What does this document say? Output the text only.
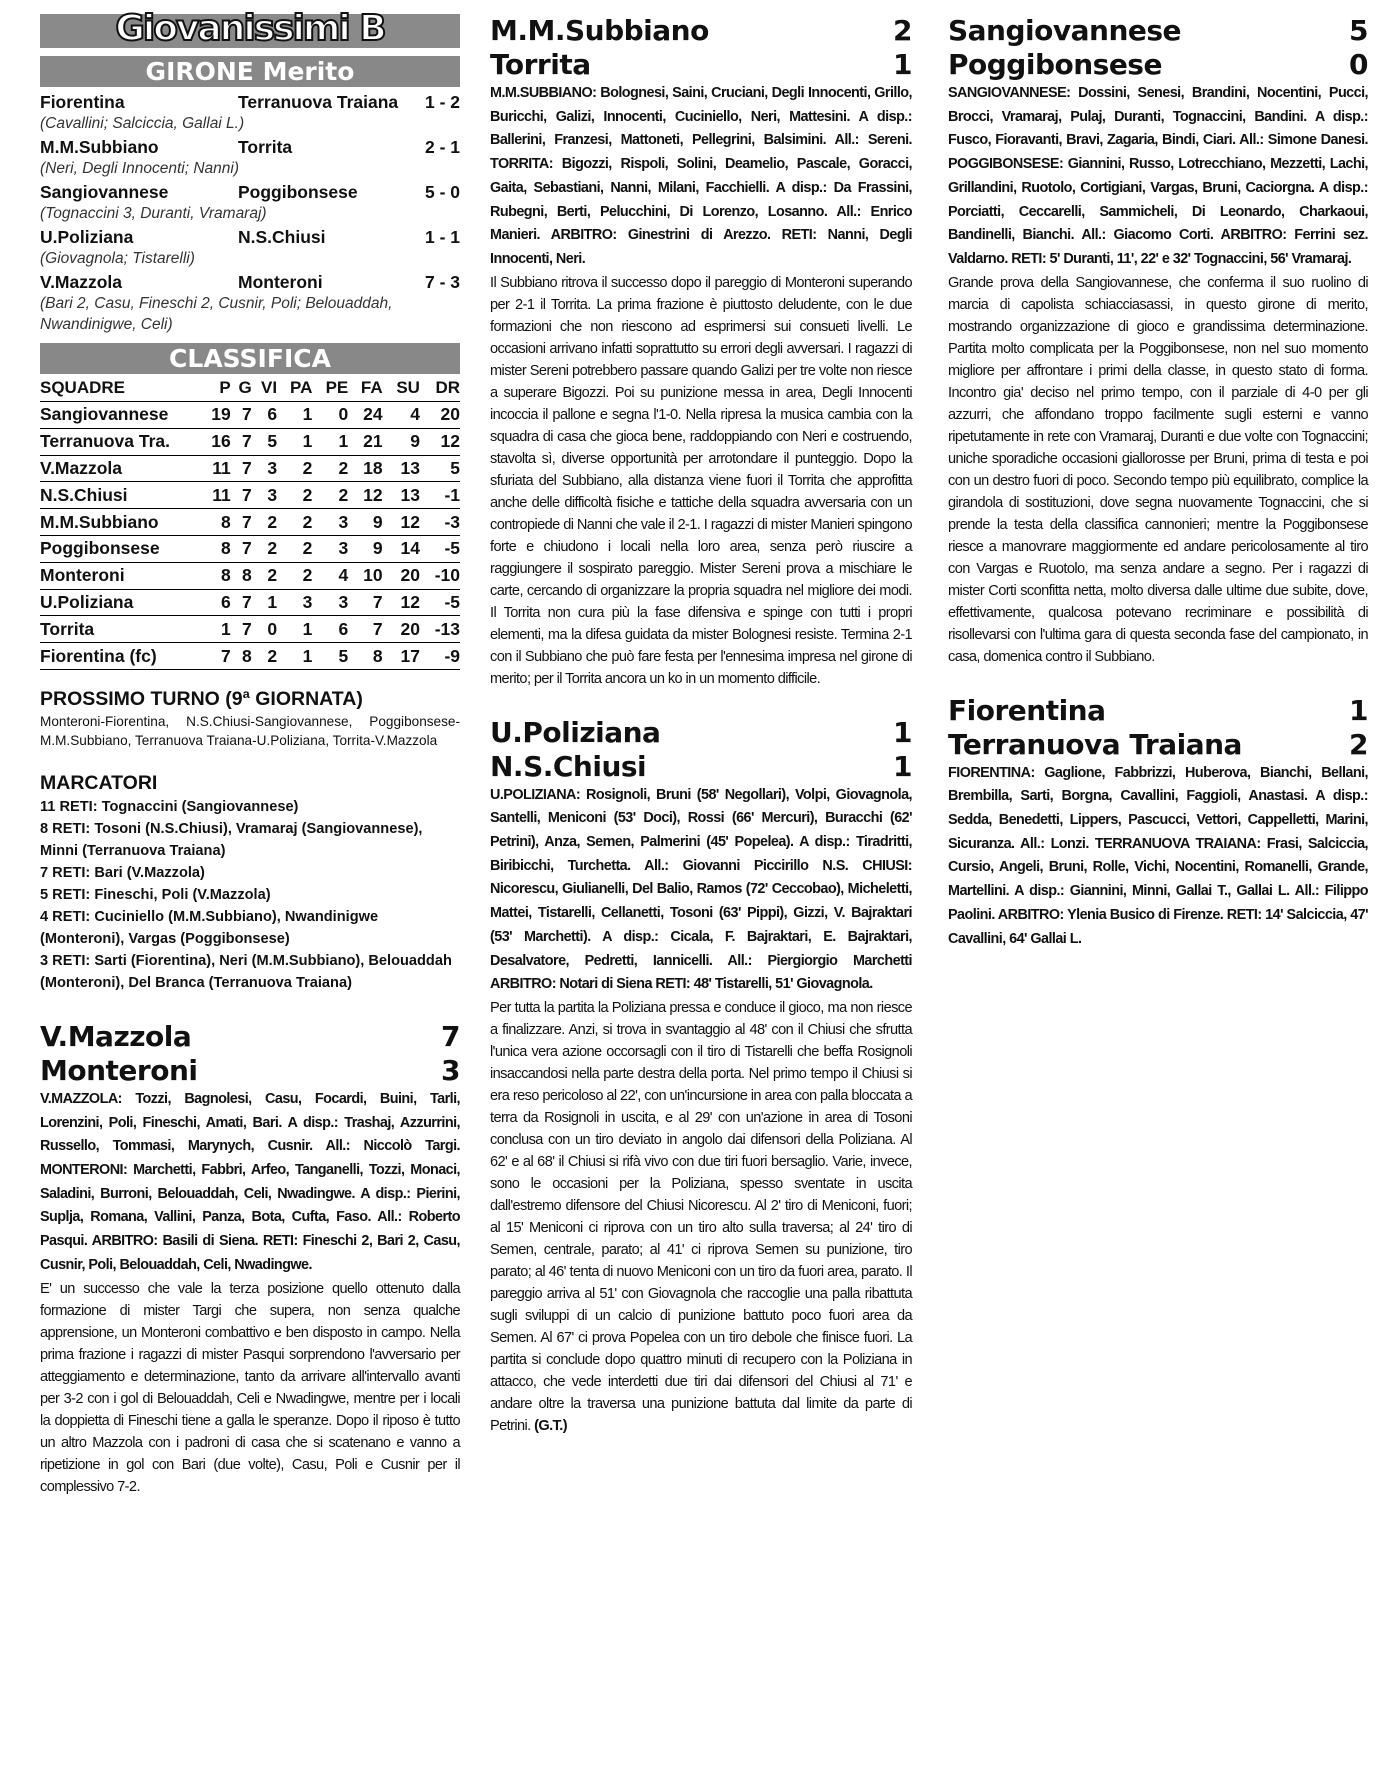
Giovanissimi B
GIRONE Merito
Fiorentina	Terranuova Traiana	1 - 2
(Cavallini; Salciccia, Gallai L.)
M.M.Subbiano	Torrita	2 - 1
(Neri, Degli Innocenti; Nanni)
Sangiovannese	Poggibonsese	5 - 0
(Tognaccini 3, Duranti, Vramaraj)
U.Poliziana	N.S.Chiusi	1 - 1
(Giovagnola; Tistarelli)
V.Mazzola	Monteroni	7 - 3
(Bari 2, Casu, Fineschi 2, Cusnir, Poli; Belouaddah, Nwandinigwe, Celi)
CLASSIFICA
SQUADRE	P	G	VI	PA	PE	FA	SU	DR
Sangiovannese	19	7	6	1	0	24	4	20
Terranuova Tra.	16	7	5	1	1	21	9	12
V.Mazzola	11	7	3	2	2	18	13	5
N.S.Chiusi	11	7	3	2	2	12	13	-1
M.M.Subbiano	8	7	2	2	3	9	12	-3
Poggibonsese	8	7	2	2	3	9	14	-5
Monteroni	8	8	2	2	4	10	20	-10
U.Poliziana	6	7	1	3	3	7	12	-5
Torrita	1	7	0	1	6	7	20	-13
Fiorentina (fc)	7	8	2	1	5	8	17	-9
PROSSIMO TURNO (9ª GIORNATA)
Monteroni-Fiorentina, N.S.Chiusi-Sangiovannese, Poggibonsese-M.M.Subbiano, Terranuova Traiana-U.Poliziana, Torrita-V.Mazzola
MARCATORI
11 RETI: Tognaccini (Sangiovannese)
8 RETI: Tosoni (N.S.Chiusi), Vramaraj (Sangiovannese), Minni (Terranuova Traiana)
7 RETI: Bari (V.Mazzola)
5 RETI: Fineschi, Poli (V.Mazzola)
4 RETI: Cuciniello (M.M.Subbiano), Nwandinigwe (Monteroni), Vargas (Poggibonsese)
3 RETI: Sarti (Fiorentina), Neri (M.M.Subbiano), Belouaddah (Monteroni), Del Branca (Terranuova Traiana)
V.Mazzola	7
Monteroni	3
V.MAZZOLA: Tozzi, Bagnolesi, Casu, Focardi, Buini, Tarli, Lorenzini, Poli, Fineschi, Amati, Bari. A disp.: Trashaj, Azzurrini, Russello, Tommasi, Marynych, Cusnir. All.: Niccolò Targi. MONTERONI: Marchetti, Fabbri, Arfeo, Tanganelli, Tozzi, Monaci, Saladini, Burroni, Belouaddah, Celi, Nwadingwe. A disp.: Pierini, Suplja, Romana, Vallini, Panza, Bota, Cufta, Faso. All.: Roberto Pasqui. ARBITRO: Basili di Siena. RETI: Fineschi 2, Bari 2, Casu, Cusnir, Poli, Belouaddah, Celi, Nwadingwe.
E' un successo che vale la terza posizione quello ottenuto dalla formazione di mister Targi che supera, non senza qualche apprensione, un Monteroni combattivo e ben disposto in campo. Nella prima frazione i ragazzi di mister Pasqui sorprendono l'avversario per atteggiamento e determinazione, tanto da arrivare all'intervallo avanti per 3-2 con i gol di Belouaddah, Celi e Nwadingwe, mentre per i locali la doppietta di Fineschi tiene a galla le speranze. Dopo il riposo è tutto un altro Mazzola con i padroni di casa che si scatenano e vanno a ripetizione in gol con Bari (due volte), Casu, Poli e Cusnir per il complessivo 7-2.
M.M.Subbiano	2
Torrita	1
M.M.SUBBIANO: Bolognesi, Saini, Cruciani, Degli Innocenti, Grillo, Buricchi, Galizi, Innocenti, Cuciniello, Neri, Mattesini. A disp.: Ballerini, Franzesi, Mattoneti, Pellegrini, Balsimini. All.: Sereni. TORRITA: Bigozzi, Rispoli, Solini, Deamelio, Pascale, Goracci, Gaita, Sebastiani, Nanni, Milani, Facchielli. A disp.: Da Frassini, Rubegni, Berti, Pelucchini, Di Lorenzo, Losanno. All.: Enrico Manieri. ARBITRO: Ginestrini di Arezzo. RETI: Nanni, Degli Innocenti, Neri.
Il Subbiano ritrova il successo dopo il pareggio di Monteroni superando per 2-1 il Torrita. La prima frazione è piuttosto deludente, con le due formazioni che non riescono ad esprimersi sui consueti livelli. Le occasioni arrivano infatti soprattutto su errori degli avversari. I ragazzi di mister Sereni potrebbero passare quando Galizi per tre volte non riesce a superare Bigozzi. Poi su punizione messa in area, Degli Innocenti incoccia il pallone e segna l'1-0. Nella ripresa la musica cambia con la squadra di casa che gioca bene, raddoppiando con Neri e costruendo, stavolta sì, diverse opportunità per arrotondare il punteggio. Dopo la sfuriata del Subbiano, alla distanza viene fuori il Torrita che approfitta anche delle difficoltà fisiche e tattiche della squadra avversaria con un contropiede di Nanni che vale il 2-1. I ragazzi di mister Manieri spingono forte e chiudono i locali nella loro area, senza però riuscire a raggiungere il sospirato pareggio. Mister Sereni prova a mischiare le carte, cercando di organizzare la propria squadra nel migliore dei modi. Il Torrita non cura più la fase difensiva e spinge con tutti i propri elementi, ma la difesa guidata da mister Bolognesi resiste. Termina 2-1 con il Subbiano che può fare festa per l'ennesima impresa nel girone di merito; per il Torrita ancora un ko in un momento difficile.
U.Poliziana	1
N.S.Chiusi	1
U.POLIZIANA: Rosignoli, Bruni (58' Negollari), Volpi, Giovagnola, Santelli, Meniconi (53' Doci), Rossi (66' Mercuri), Buracchi (62' Petrini), Anza, Semen, Palmerini (45' Popelea). A disp.: Tiradritti, Biribicchi, Turchetta. All.: Giovanni Piccirillo N.S. CHIUSI: Nicorescu, Giulianelli, Del Balio, Ramos (72' Ceccobao), Micheletti, Mattei, Tistarelli, Cellanetti, Tosoni (63' Pippi), Gizzi, V. Bajraktari (53' Marchetti). A disp.: Cicala, F. Bajraktari, E. Bajraktari, Desalvatore, Pedretti, Iannicelli. All.: Piergiorgio Marchetti ARBITRO: Notari di Siena RETI: 48' Tistarelli, 51' Giovagnola.
Per tutta la partita la Poliziana pressa e conduce il gioco, ma non riesce a finalizzare. Anzi, si trova in svantaggio al 48' con il Chiusi che sfrutta l'unica vera azione occorsagli con il tiro di Tistarelli che beffa Rosignoli insaccandosi nella parte destra della porta. Nel primo tempo il Chiusi si era reso pericoloso al 22', con un'incursione in area con palla bloccata a terra da Rosignoli in uscita, e al 29' con un'azione in area di Tosoni conclusa con un tiro deviato in angolo dai difensori della Poliziana. Al 62' e al 68' il Chiusi si rifà vivo con due tiri fuori bersaglio. Varie, invece, sono le occasioni per la Poliziana, spesso sventate in uscita dall'estremo difensore del Chiusi Nicorescu. Al 2' tiro di Meniconi, fuori; al 15' Meniconi ci riprova con un tiro alto sulla traversa; al 24' tiro di Semen, centrale, parato; al 41' ci riprova Semen su punizione, tiro parato; al 46' tenta di nuovo Meniconi con un tiro da fuori area, parato. Il pareggio arriva al 51' con Giovagnola che raccoglie una palla ribattuta sugli sviluppi di un calcio di punizione battuto poco fuori area da Semen. Al 67' ci prova Popelea con un tiro debole che finisce fuori. La partita si conclude dopo quattro minuti di recupero con la Poliziana in attacco, che vede interdetti due tiri dai difensori del Chiusi al 71' e andare oltre la traversa una punizione battuta dal limite da parte di Petrini. (G.T.)
Sangiovannese	5
Poggibonsese	0
SANGIOVANNESE: Dossini, Senesi, Brandini, Nocentini, Pucci, Brocci, Vramaraj, Pulaj, Duranti, Tognaccini, Bandini. A disp.: Fusco, Fioravanti, Bravi, Zagaria, Bindi, Ciari. All.: Simone Danesi. POGGIBONSESE: Giannini, Russo, Lotrecchiano, Mezzetti, Lachi, Grillandini, Ruotolo, Cortigiani, Vargas, Bruni, Caciorgna. A disp.: Porciatti, Ceccarelli, Sammicheli, Di Leonardo, Charkaoui, Bandinelli, Bianchi. All.: Giacomo Corti. ARBITRO: Ferrini sez. Valdarno. RETI: 5' Duranti, 11', 22' e 32' Tognaccini, 56' Vramaraj.
Grande prova della Sangiovannese, che conferma il suo ruolino di marcia di capolista schiacciasassi, in questo girone di merito, mostrando organizzazione di gioco e grandissima determinazione. Partita molto complicata per la Poggibonsese, non nel suo momento migliore per affrontare i primi della classe, in questo stato di forma. Incontro gia' deciso nel primo tempo, con il parziale di 4-0 per gli azzurri, che affondano troppo facilmente sugli esterni e vanno ripetutamente in rete con Vramaraj, Duranti e due volte con Tognaccini; uniche sporadiche occasioni giallorosse per Bruni, prima di testa e poi con un destro fuori di poco. Secondo tempo più equilibrato, complice la girandola di sostituzioni, dove segna nuovamente Tognaccini, che si prende la testa della classifica cannonieri; mentre la Poggibonsese riesce a manovrare maggiormente ed andare pericolosamente al tiro con Vargas e Ruotolo, ma senza andare a segno. Per i ragazzi di mister Corti sconfitta netta, molto diversa dalle ultime due subite, dove, effettivamente, qualcosa potevano recriminare e possibilità di risollevarsi con l'ultima gara di questa seconda fase del campionato, in casa, domenica contro il Subbiano.
Fiorentina	1
Terranuova Traiana	2
FIORENTINA: Gaglione, Fabbrizzi, Huberova, Bianchi, Bellani, Brembilla, Sarti, Borgna, Cavallini, Faggioli, Anastasi. A disp.: Sedda, Benedetti, Lippers, Pascucci, Vettori, Cappelletti, Marini, Sicuranza. All.: Lonzi. TERRANUOVA TRAIANA: Frasi, Salciccia, Cursio, Angeli, Bruni, Rolle, Vichi, Nocentini, Romanelli, Grande, Martellini. A disp.: Giannini, Minni, Gallai T., Gallai L. All.: Filippo Paolini. ARBITRO: Ylenia Busico di Firenze. RETI: 14' Salciccia, 47' Cavallini, 64' Gallai L.
